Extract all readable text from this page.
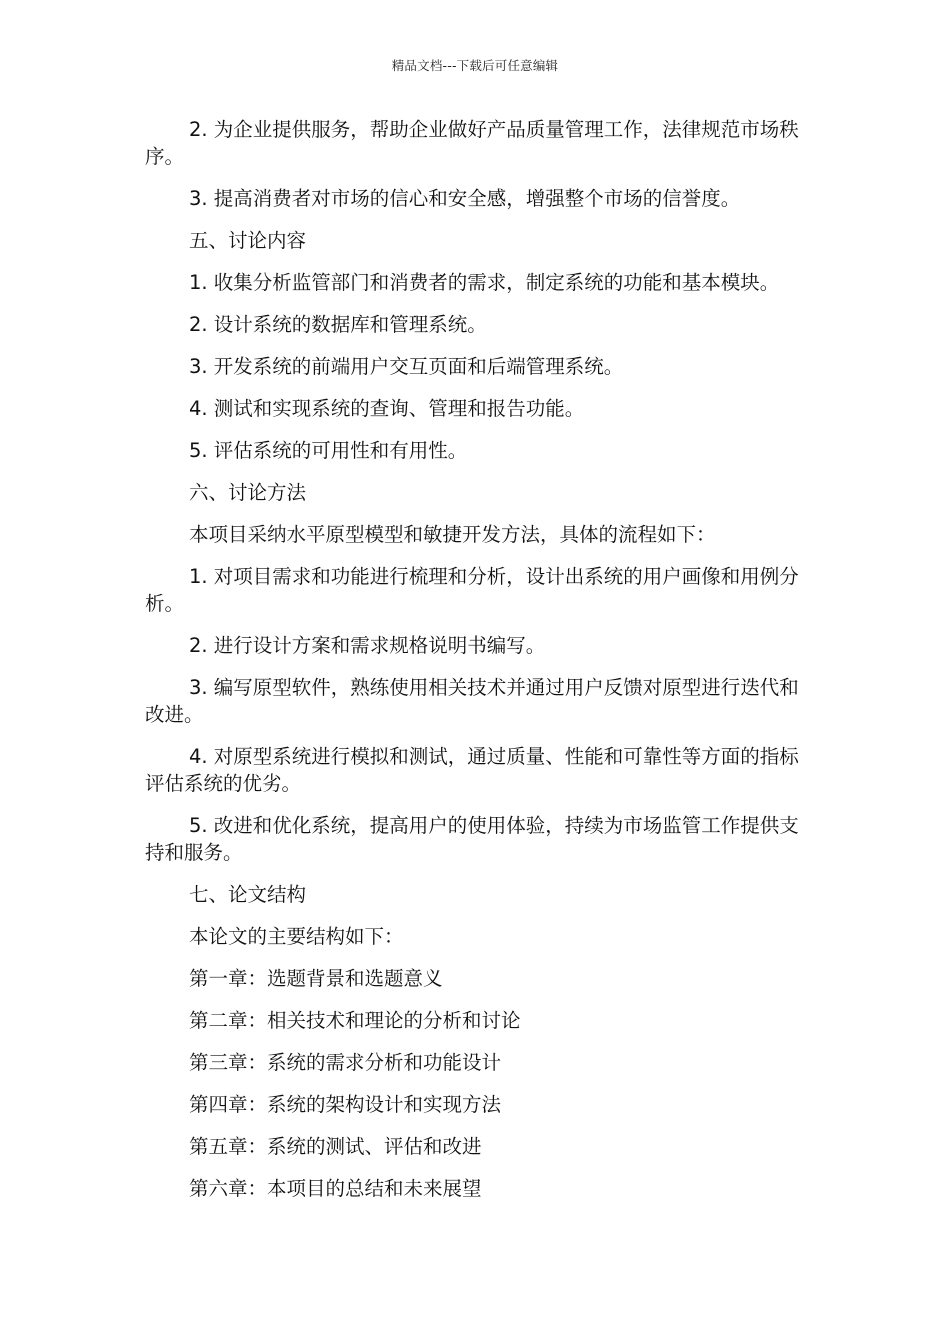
精品文档---下载后可任意编辑

2. 为企业提供服务，帮助企业做好产品质量管理工作，法律规范市场秩序。

3. 提高消费者对市场的信心和安全感，增强整个市场的信誉度。

五、讨论内容

1. 收集分析监管部门和消费者的需求，制定系统的功能和基本模块。

2. 设计系统的数据库和管理系统。

3. 开发系统的前端用户交互页面和后端管理系统。

4. 测试和实现系统的查询、管理和报告功能。

5. 评估系统的可用性和有用性。

六、讨论方法

本项目采纳水平原型模型和敏捷开发方法，具体的流程如下：

1. 对项目需求和功能进行梳理和分析，设计出系统的用户画像和用例分析。

2. 进行设计方案和需求规格说明书编写。

3. 编写原型软件，熟练使用相关技术并通过用户反馈对原型进行迭代和改进。

4. 对原型系统进行模拟和测试，通过质量、性能和可靠性等方面的指标评估系统的优劣。

5. 改进和优化系统，提高用户的使用体验，持续为市场监管工作提供支持和服务。

七、论文结构

本论文的主要结构如下：

第一章：选题背景和选题意义

第二章：相关技术和理论的分析和讨论

第三章：系统的需求分析和功能设计

第四章：系统的架构设计和实现方法

第五章：系统的测试、评估和改进

第六章：本项目的总结和未来展望
